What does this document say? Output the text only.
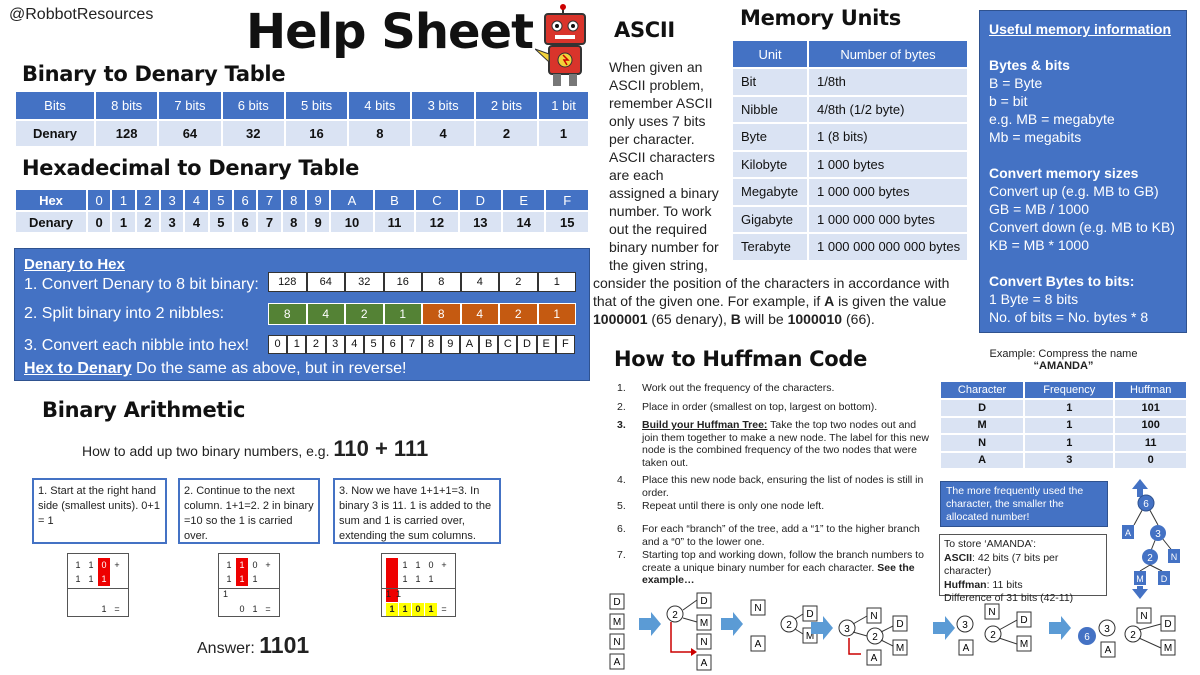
@RobbotResources Help Sheet
Binary to Denary Table
Bits	8 bits	7 bits	6 bits	5 bits	4 bits	3 bits	2 bits	1 bit
Denary	128	64	32	16	8	4	2	1
Hexadecimal to Denary Table
Hex	0	1	2	3	4	5	6	7	8	9	A	B	C	D	E	F
Denary	0	1	2	3	4	5	6	7	8	9	10	11	12	13	14	15
Denary to Hex
1. Convert Denary to 8 bit binary:
2. Split binary into 2 nibbles:
3. Convert each nibble into hex!
Hex to Denary Do the same as above, but in reverse!
128	64	32	16	8	4	2	1
8	4	2	1	8	4	2	1
0	1	2	3	4	5	6	7	8	9	A	B	C	D	E	F
Binary Arithmetic
How to add up two binary numbers, e.g. 110 + 111
1. Start at the right hand side (smallest units). 0+1 = 1
2. Continue to the next column. 1+1=2. 2 in binary =10 so the 1 is carried over.
3. Now we have 1+1+1=3. In binary 3 is 11. 1 is added to the sum and 1 is carried over, extending the sum columns.
1 1 0 +
1 1 1
1 =
1 1 0 +
1 1 1
1
0 1 =
1 1 0 +
1 1 1
1  1
1 1 0 1 =
Answer: 1101
ASCII
When given an ASCII problem, remember ASCII only uses 7 bits per character. ASCII characters are each assigned a binary number. To work out the required binary number for the given string,
consider the position of the characters in accordance with that of the given one. For example, if A is given the value 1000001 (65 denary), B will be 1000010 (66).
Memory Units
Unit	Number of bytes
Bit	1/8th
Nibble	4/8th (1/2 byte)
Byte	1 (8 bits)
Kilobyte	1 000 bytes
Megabyte	1 000 000 bytes
Gigabyte	1 000 000 000 bytes
Terabyte	1 000 000 000 000 bytes
Useful memory information
Bytes & bits
B = Byte
b = bit
e.g. MB = megabyte
Mb = megabits
Convert memory sizes
Convert up (e.g. MB to GB)
GB = MB / 1000
Convert down (e.g. MB to KB)
KB = MB * 1000
Convert Bytes to bits:
1 Byte = 8 bits
No. of bits = No. bytes * 8
How to Huffman Code
1.	Work out the frequency of the characters.
2.	Place in order (smallest on top, largest on bottom).
3.	Build your Huffman Tree: Take the top two nodes out and join them together to make a new node. The label for this new node is the combined frequency of the two nodes that were taken out.
4.	Place this new node back, ensuring the list of nodes is still in order.
5.	Repeat until there is only one node left.
6.	For each “branch” of the tree, add a “1” to the higher branch and a “0” to the lower one.
7.	Starting top and working down, follow the branch numbers to create a unique binary number for each character. See the example…
Example: Compress the name
“AMANDA”
Character	Frequency	Huffman
D	1	101
M	1	100
N	1	11
A	3	0
The more frequently used the character, the smaller the allocated number!
To store ‘AMANDA’:
ASCII: 42 bits (7 bits per character)
Huffman: 11 bits
Difference of 31 bits (42-11)
6
A 3
2 N
M D
D
M
N
A
2
D
M
N
A
N
A
2
D
M
3
N
2
D
M
A
3
A
2
N
D
M
6
3
A
2
N
D
M
